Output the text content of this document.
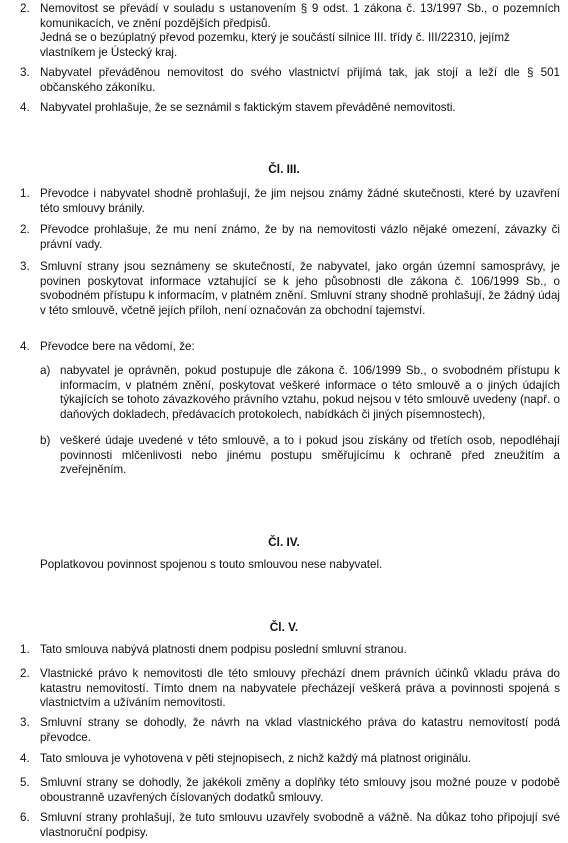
2. Nemovitost se převádí v souladu s ustanovením § 9 odst. 1 zákona č. 13/1997 Sb., o pozemních komunikacích, ve znění pozdějších předpisů.
Jedná se o bezúplatný převod pozemku, který je součástí silnice III. třídy č. III/22310, jejímž vlastníkem je Ústecký kraj.
3. Nabyvatel převáděnou nemovitost do svého vlastnictví přijímá tak, jak stojí a leží dle § 501 občanského zákoníku.
4. Nabyvatel prohlašuje, že se seznámil s faktickým stavem převáděné nemovitosti.
Čl. III.
1. Převodce i nabyvatel shodně prohlašují, že jim nejsou známy žádné skutečnosti, které by uzavření této smlouvy bránily.
2. Převodce prohlašuje, že mu není známo, že by na nemovitosti vázlo nějaké omezení, závazky či právní vady.
3. Smluvní strany jsou seznámeny se skutečností, že nabyvatel, jako orgán územní samosprávy, je povinen poskytovat informace vztahující se k jeho působnosti dle zákona č. 106/1999 Sb., o svobodném přístupu k informacím, v platném znění. Smluvní strany shodně prohlašují, že žádný údaj v této smlouvě, včetně jejích příloh, není označován za obchodní tajemství.
4. Převodce bere na vědomí, že:
a) nabyvatel je oprávněn, pokud postupuje dle zákona č. 106/1999 Sb., o svobodném přístupu k informacím, v platném znění, poskytovat veškeré informace o této smlouvě a o jiných údajích týkajících se tohoto závazkového právního vztahu, pokud nejsou v této smlouvě uvedeny (např. o daňových dokladech, předávacích protokolech, nabídkách či jiných písemnostech),
b) veškeré údaje uvedené v této smlouvě, a to i pokud jsou získány od třetích osob, nepodléhají povinnosti mlčenlivosti nebo jinému postupu směřujícímu k ochraně před zneužitím a zveřejněním.
Čl. IV.
Poplatkovou povinnost spojenou s touto smlouvou nese nabyvatel.
Čl. V.
1. Tato smlouva nabývá platnosti dnem podpisu poslední smluvní stranou.
2. Vlastnické právo k nemovitosti dle této smlouvy přechází dnem právních účinků vkladu práva do katastru nemovitostí. Tímto dnem na nabyvatele přecházejí veškerá práva a povinnosti spojená s vlastnictvím a užíváním nemovitosti.
3. Smluvní strany se dohodly, že návrh na vklad vlastnického práva do katastru nemovitostí podá převodce.
4. Tato smlouva je vyhotovena v pěti stejnopisech, z nichž každý má platnost originálu.
5. Smluvní strany se dohodly, že jakékoli změny a doplňky této smlouvy jsou možné pouze v podobě oboustranně uzavřených číslovaných dodatků smlouvy.
6. Smluvní strany prohlašují, že tuto smlouvu uzavřely svobodně a vážně. Na důkaz toho připojují své vlastnoruční podpisy.
